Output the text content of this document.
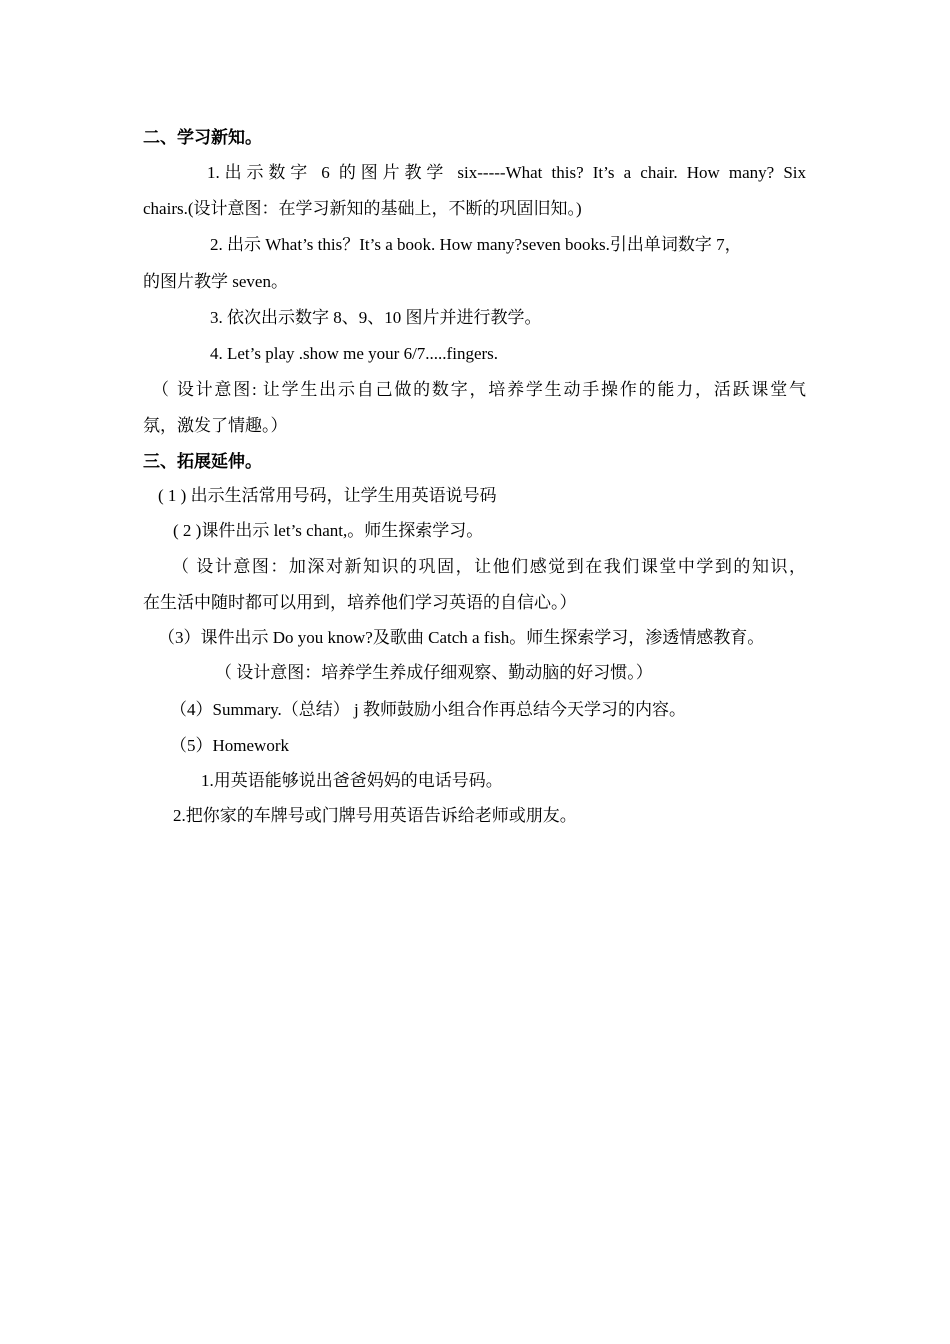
二、学习新知。
1.出示数字 6 的图片教学 six-----What this? It’s a chair. How many? Six
chairs.(设计意图：在学习新知的基础上，不断的巩固旧知。)
2. 出示 What’s this？It’s a book. How many?seven books.引出单词数字 7，
的图片教学 seven。
3. 依次出示数字 8、9、10 图片并进行教学。
4. Let’s play .show me your 6/7.....fingers.
（ 设计意图: 让学生出示自己做的数字，培养学生动手操作的能力，活跃课堂气
氛，激发了情趣。）
三、拓展延伸。
( 1 ) 出示生活常用号码，让学生用英语说号码
( 2 )课件出示 let’s chant,。师生探索学习。
（ 设计意图：加深对新知识的巩固，让他们感觉到在我们课堂中学到的知识，
在生活中随时都可以用到，培养他们学习英语的自信心。）
（3）课件出示 Do you know?及歌曲 Catch a fish。师生探索学习，渗透情感教育。
（ 设计意图：培养学生养成仔细观察、勤动脑的好习惯。）
（4）Summary.（总结） j 教师鼓励小组合作再总结今天学习的内容。
（5）Homework
1.用英语能够说出爸爸妈妈的电话号码。
2.把你家的车牌号或门牌号用英语告诉给老师或朋友。
